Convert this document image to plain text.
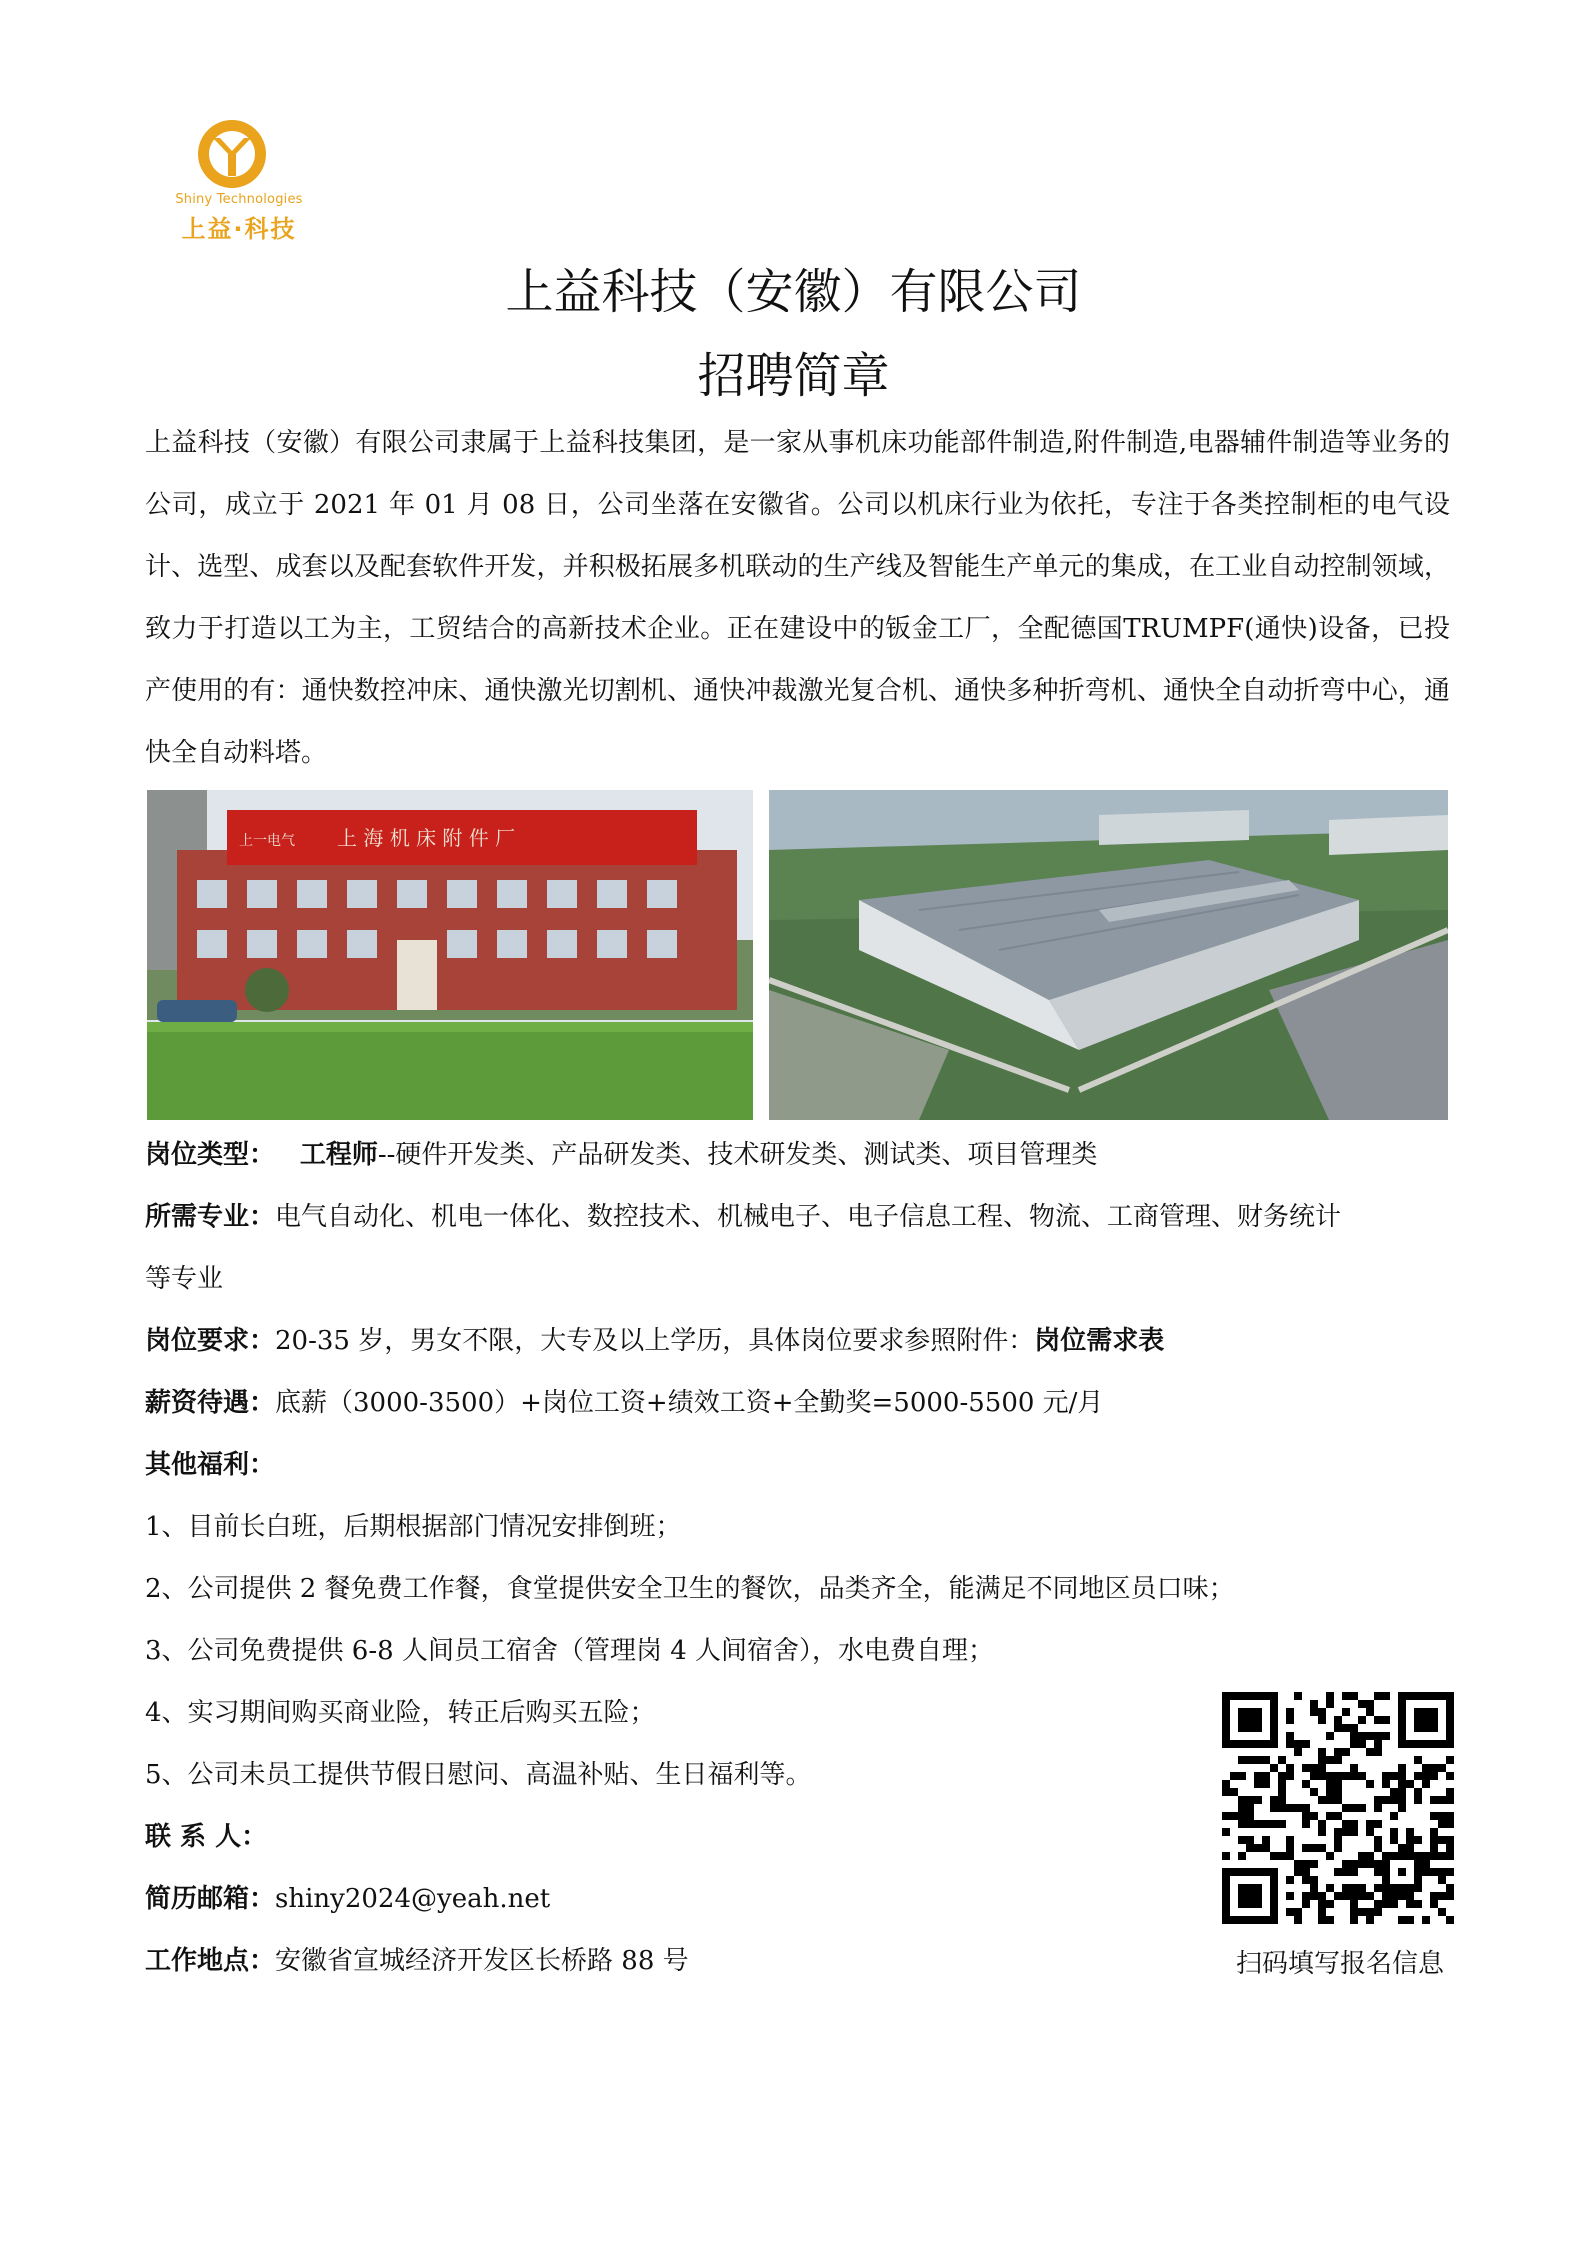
Shiny Technologies
上益·科技
上益科技（安徽）有限公司
招聘简章

上益科技（安徽）有限公司隶属于上益科技集团，是一家从事机床功能部件制造,附件制造,电器辅件制造等业务的公司，成立于 2021 年 01 月 08 日，公司坐落在安徽省。公司以机床行业为依托，专注于各类控制柜的电气设计、选型、成套以及配套软件开发，并积极拓展多机联动的生产线及智能生产单元的集成，在工业自动控制领域，致力于打造以工为主，工贸结合的高新技术企业。正在建设中的钣金工厂，全配德国TRUMPF(通快)设备，已投产使用的有：通快数控冲床、通快激光切割机、通快冲裁激光复合机、通快多种折弯机、通快全自动折弯中心，通快全自动料塔。

上 海 机 床 附 件 厂
上一电气

岗位类型： 工程师--硬件开发类、产品研发类、技术研发类、测试类、项目管理类

所需专业：电气自动化、机电一体化、数控技术、机械电子、电子信息工程、物流、工商管理、财务统计

等专业

岗位要求：20-35 岁，男女不限，大专及以上学历，具体岗位要求参照附件：岗位需求表

薪资待遇：底薪（3000-3500）+岗位工资+绩效工资+全勤奖=5000-5500 元/月

其他福利：

1、目前长白班，后期根据部门情况安排倒班；

2、公司提供 2 餐免费工作餐，食堂提供安全卫生的餐饮，品类齐全，能满足不同地区员口味；

3、公司免费提供 6-8 人间员工宿舍（管理岗 4 人间宿舍），水电费自理；

4、实习期间购买商业险，转正后购买五险；

5、公司未员工提供节假日慰问、高温补贴、生日福利等。

联 系 人：

简历邮箱：shiny2024@yeah.net

工作地点：安徽省宣城经济开发区长桥路 88 号	扫码填写报名信息
